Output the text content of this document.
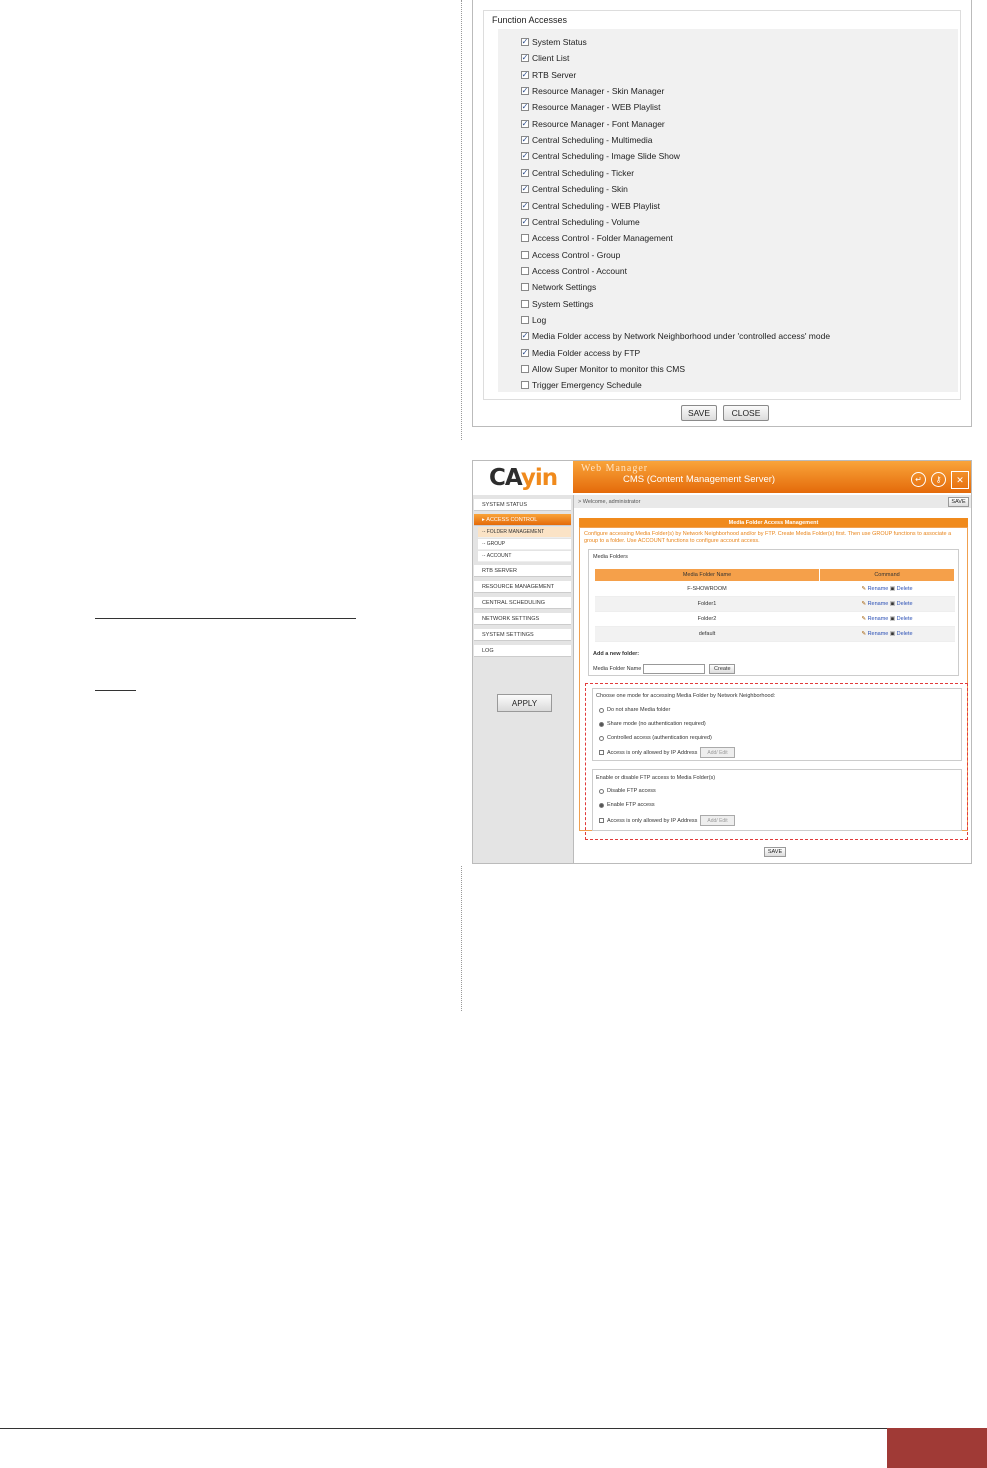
Function Accesses
✓ System Status
✓ Client List
✓ RTB Server
✓ Resource Manager - Skin Manager
✓ Resource Manager - WEB Playlist
✓ Resource Manager - Font Manager
✓ Central Scheduling - Multimedia
✓ Central Scheduling - Image Slide Show
✓ Central Scheduling - Ticker
✓ Central Scheduling - Skin
✓ Central Scheduling - WEB Playlist
✓ Central Scheduling - Volume
Access Control - Folder Management
Access Control - Group
Access Control - Account
Network Settings
System Settings
Log
✓ Media Folder access by Network Neighborhood under 'controlled access' mode
✓ Media Folder access by FTP
Allow Super Monitor to monitor this CMS
Trigger Emergency Schedule
SAVE	CLOSE
CAyin Web Manager
CMS (Content Management Server)	↵	⚷	✕
SYSTEM STATUS
▸ ACCESS CONTROL
·- FOLDER MANAGEMENT
·- GROUP
·- ACCOUNT
RTB SERVER
RESOURCE MANAGEMENT
CENTRAL SCHEDULING
NETWORK SETTINGS
SYSTEM SETTINGS
LOG
APPLY
> Welcome, administrator	SAVE
Media Folder Access Management
Configure accessing Media Folder(s) by Network Neighborhood and/or by FTP. Create Media Folder(s) first. Then use GROUP functions to associate a group to a folder. Use ACCOUNT functions to configure account access.
Media Folders
Add a new folder:
Media Folder Name	Create
Media Folder Name	Command
F-SHOWROOM	✎ Rename ▣ Delete
Folder1	✎ Rename ▣ Delete
Folder2	✎ Rename ▣ Delete
default	✎ Rename ▣ Delete
Choose one mode for accessing Media Folder by Network Neighborhood:
Do not share Media folder
Share mode (no authentication required)
Controlled access (authentication required)
Access is only allowed by IP Address	Add/ Edit
Enable or disable FTP access to Media Folder(s)
Disable FTP access
Enable FTP access
Access is only allowed by IP Address	Add/ Edit
SAVE
